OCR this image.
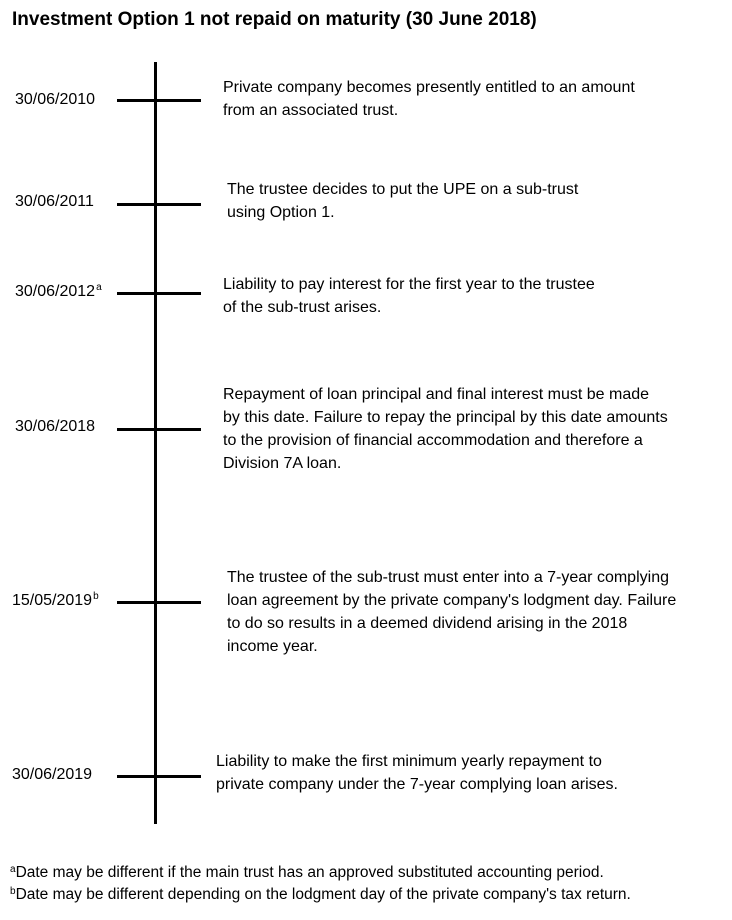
Investment Option 1 not repaid on maturity (30 June 2018)
30/06/2010
Private company becomes presently entitled to an amount
from an associated trust.
30/06/2011
The trustee decides to put the UPE on a sub-trust
using Option 1.
30/06/2012$^a$	Liability to pay interest for the first year to the trustee
of the sub-trust arises.
30/06/2018
Repayment of loan principal and final interest must be made
by this date. Failure to repay the principal by this date amounts
to the provision of financial accommodation and therefore a
Division 7A loan.
15/05/2019$^b$
The trustee of the sub-trust must enter into a 7-year complying
loan agreement by the private company's lodgment day. Failure
to do so results in a deemed dividend arising in the 2018
income year.
30/06/2019
Liability to make the first minimum yearly repayment to
private company under the 7-year complying loan arises.
$^a$Date may be different if the main trust has an approved substituted accounting period.
$^b$Date may be different depending on the lodgment day of the private company's tax return.
